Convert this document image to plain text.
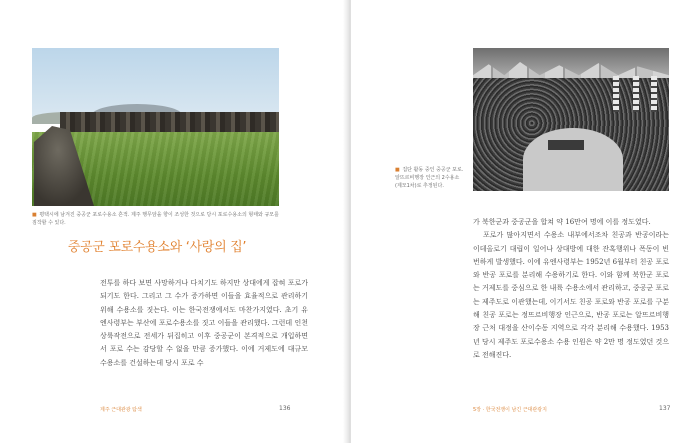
■ 평택시에 남겨진 중공군 포로수용소 흔적. 제주 행무암을 향이 조성한 것으로 당시 포로수용소의 형태와 규모를 짐작할 수 있다.
중공군 포로수용소와 ‘사랑의 집’

전투를 하다 보면 사망하거나 다치기도 하지만 상대에게 잡혀 포로가 되기도 한다. 그리고 그 수가 증가하면 이들을 효율적으로 관리하기 위해 수용소를 짓는다. 이는 한국전쟁에서도 마찬가지였다. 초기 유엔사령부는 부산에 포로수용소를 짓고 이들을 관리했다. 그런데 인천상륙작전으로 전세가 뒤집히고 이후 중공군이 본격적으로 개입하면서 포로 수는 감당할 수 없을 만큼 증가했다. 이에 거제도에 대규모 수용소를 건설하는데 당시 포로 수

제주 근대관광 탐색	136
■ 집단 활동 중인 중공군 포로. 알뜨르비행장 인근의 2수용소 (제모1차)로 추정된다.

가 북한군과 중공군을 합쳐 약 16만여 명에 이를 정도였다.

포로가 많아지면서 수용소 내부에서조차 친공과 반공이라는 이데올로기 대립이 일어나 상대방에 대한 잔혹행위나 폭동이 빈번하게 발생했다. 이에 유엔사령부는 1952년 6월부터 친공 포로와 반공 포로를 분리해 수용하기로 한다. 이와 함께 북한군 포로는 거제도를 중심으로 한 내륙 수용소에서 관리하고, 중공군 포로는 제주도로 이관했는데, 이기서도 친공 포로와 반공 포로를 구분해 친공 포로는 정뜨르비행장 인근으로, 반공 포로는 알뜨르비행장 근처 대정을 산이수동 지역으로 각각 분리해 수용했다. 1953년 당시 제주도 포로수용소 수용 인원은 약 2만 명 정도였던 것으로 전해진다.

5장 · 한국전쟁이 남긴 근대관광지	137
